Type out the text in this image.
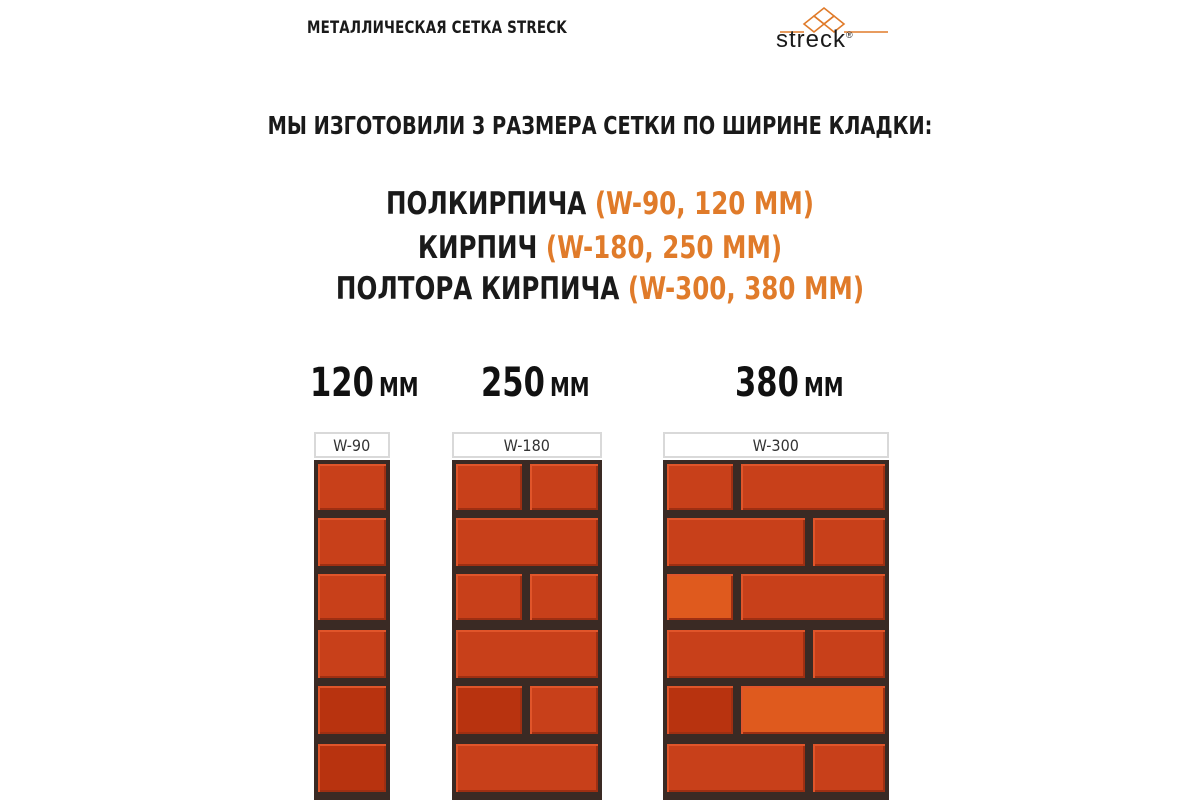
МЕТАЛЛИЧЕСКАЯ СЕТКА STRECK	streck®
МЫ ИЗГОТОВИЛИ 3 РАЗМЕРА СЕТКИ ПО ШИРИНЕ КЛАДКИ:
ПОЛКИРПИЧА (W-90, 120 ММ)
КИРПИЧ (W-180, 250 ММ)
ПОЛТОРА КИРПИЧА (W-300, 380 ММ)
120 ММ 250 ММ	380 ММ
W-90	W-180	W-300
